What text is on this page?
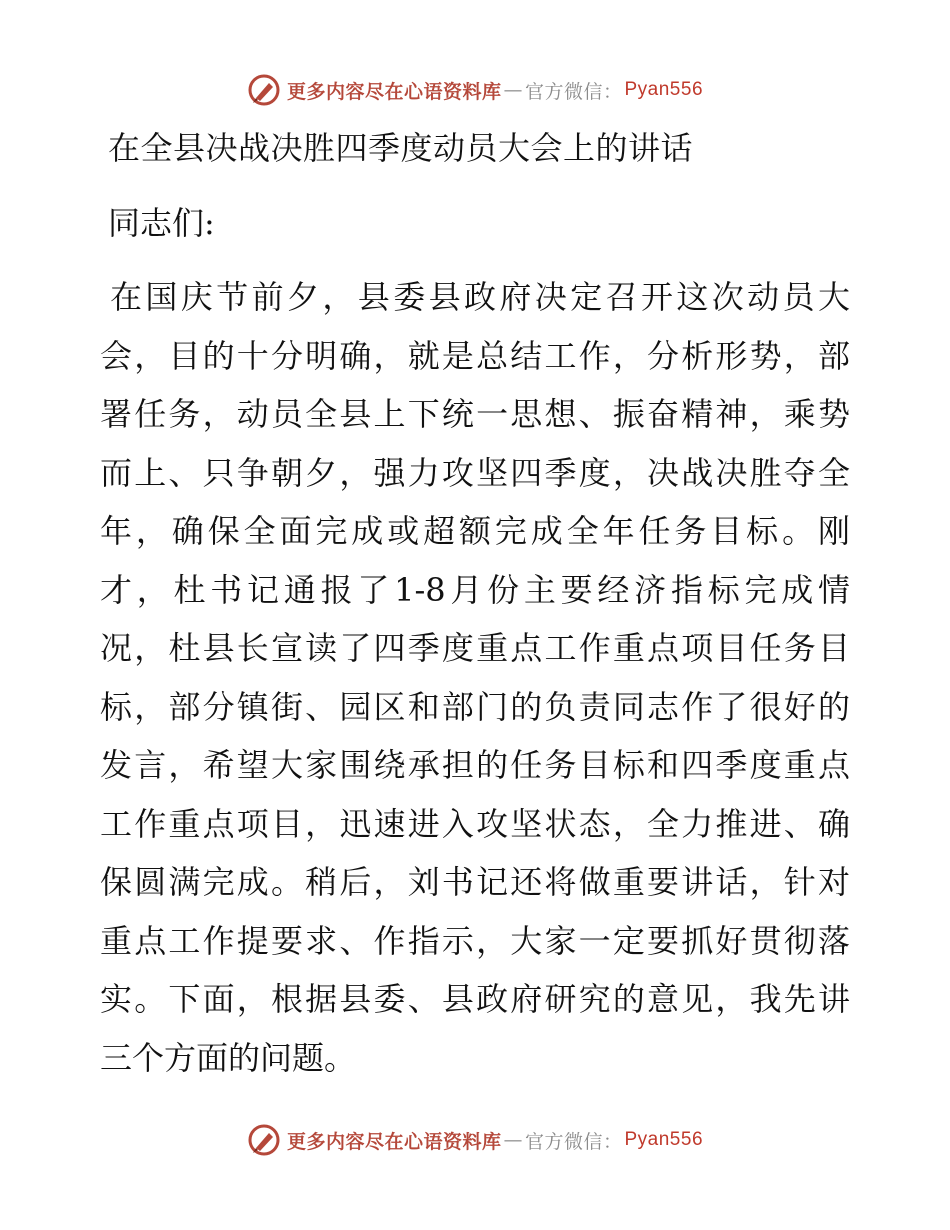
更多内容尽在心语资料库 — 官方微信： Pyan556
在全县决战决胜四季度动员大会上的讲话
同志们:
在国庆节前夕，县委县政府决定召开这次动员大
会，目的十分明确，就是总结工作，分析形势，部
署任务，动员全县上下统一思想、振奋精神，乘势
而上、只争朝夕，强力攻坚四季度，决战决胜夺全
年，确保全面完成或超额完成全年任务目标。刚
才，杜书记通报了1-8月份主要经济指标完成情
况，杜县长宣读了四季度重点工作重点项目任务目
标，部分镇街、园区和部门的负责同志作了很好的
发言，希望大家围绕承担的任务目标和四季度重点
工作重点项目，迅速进入攻坚状态，全力推进、确
保圆满完成。稍后，刘书记还将做重要讲话，针对
重点工作提要求、作指示，大家一定要抓好贯彻落
实。下面，根据县委、县政府研究的意见，我先讲
三个方面的问题。
更多内容尽在心语资料库 — 官方微信： Pyan556
